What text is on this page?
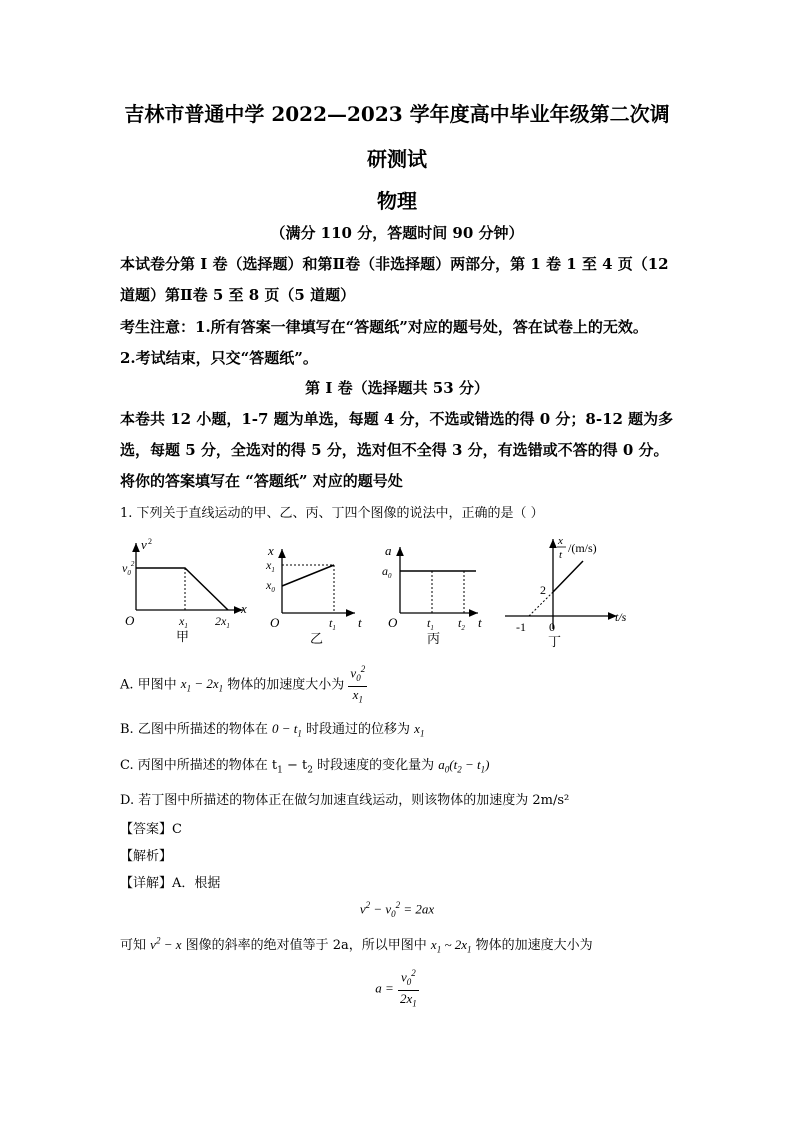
吉林市普通中学 2022—2023 学年度高中毕业年级第二次调
研测试
物理
（满分 110 分，答题时间 90 分钟）
本试卷分第 I 卷（选择题）和第Ⅱ卷（非选择题）两部分，第 1 卷 1 至 4 页（12
道题）第Ⅱ卷 5 至 8 页（5 道题）
考生注意：1.所有答案一律填写在“答题纸”对应的题号处，答在试卷上的无效。
2.考试结束，只交“答题纸”。
第 I 卷（选择题共 53 分）
本卷共 12 小题，1-7 题为单选，每题 4 分，不选或错选的得 0 分；8-12 题为多
选，每题 5 分，全选对的得 5 分，选对但不全得 3 分，有选错或不答的得 0 分。
将你的答案填写在 “答题纸” 对应的题号处
1. 下列关于直线运动的甲、乙、丙、丁四个图像的说法中，正确的是（ ）
v 2
$v_0^2$
x
O	$x_1$ $2x_1$
甲
x
$x_1$
$x_0$
O	$t_1$ t
乙
a
$a_0$
O $t_1$ $t_2$ t
丙
x
t /(m/s)
2
-1 0
t/s
丁
A. 甲图中 $x_1 - 2x_1$ 物体的加速度大小为 $\frac{v_0^2}{x_1}$
B. 乙图中所描述的物体在 $0 - t_1$ 时段通过的位移为 $x_1$
C. 丙图中所描述的物体在 $t_1 - t_2$ 时段速度的变化量为 $a_0(t_2 - t_1)$
D. 若丁图中所描述的物体正在做匀加速直线运动，则该物体的加速度为 2m/s²
【答案】C
【解析】
【详解】A．根据
$v^2 - v_0^2 = 2ax$
可知 $v^2 - x$ 图像的斜率的绝对值等于 2a，所以甲图中 $x_1$ ~ $2x_1$ 物体的加速度大小为
$a = \frac{v_0^2}{2x_1}$
